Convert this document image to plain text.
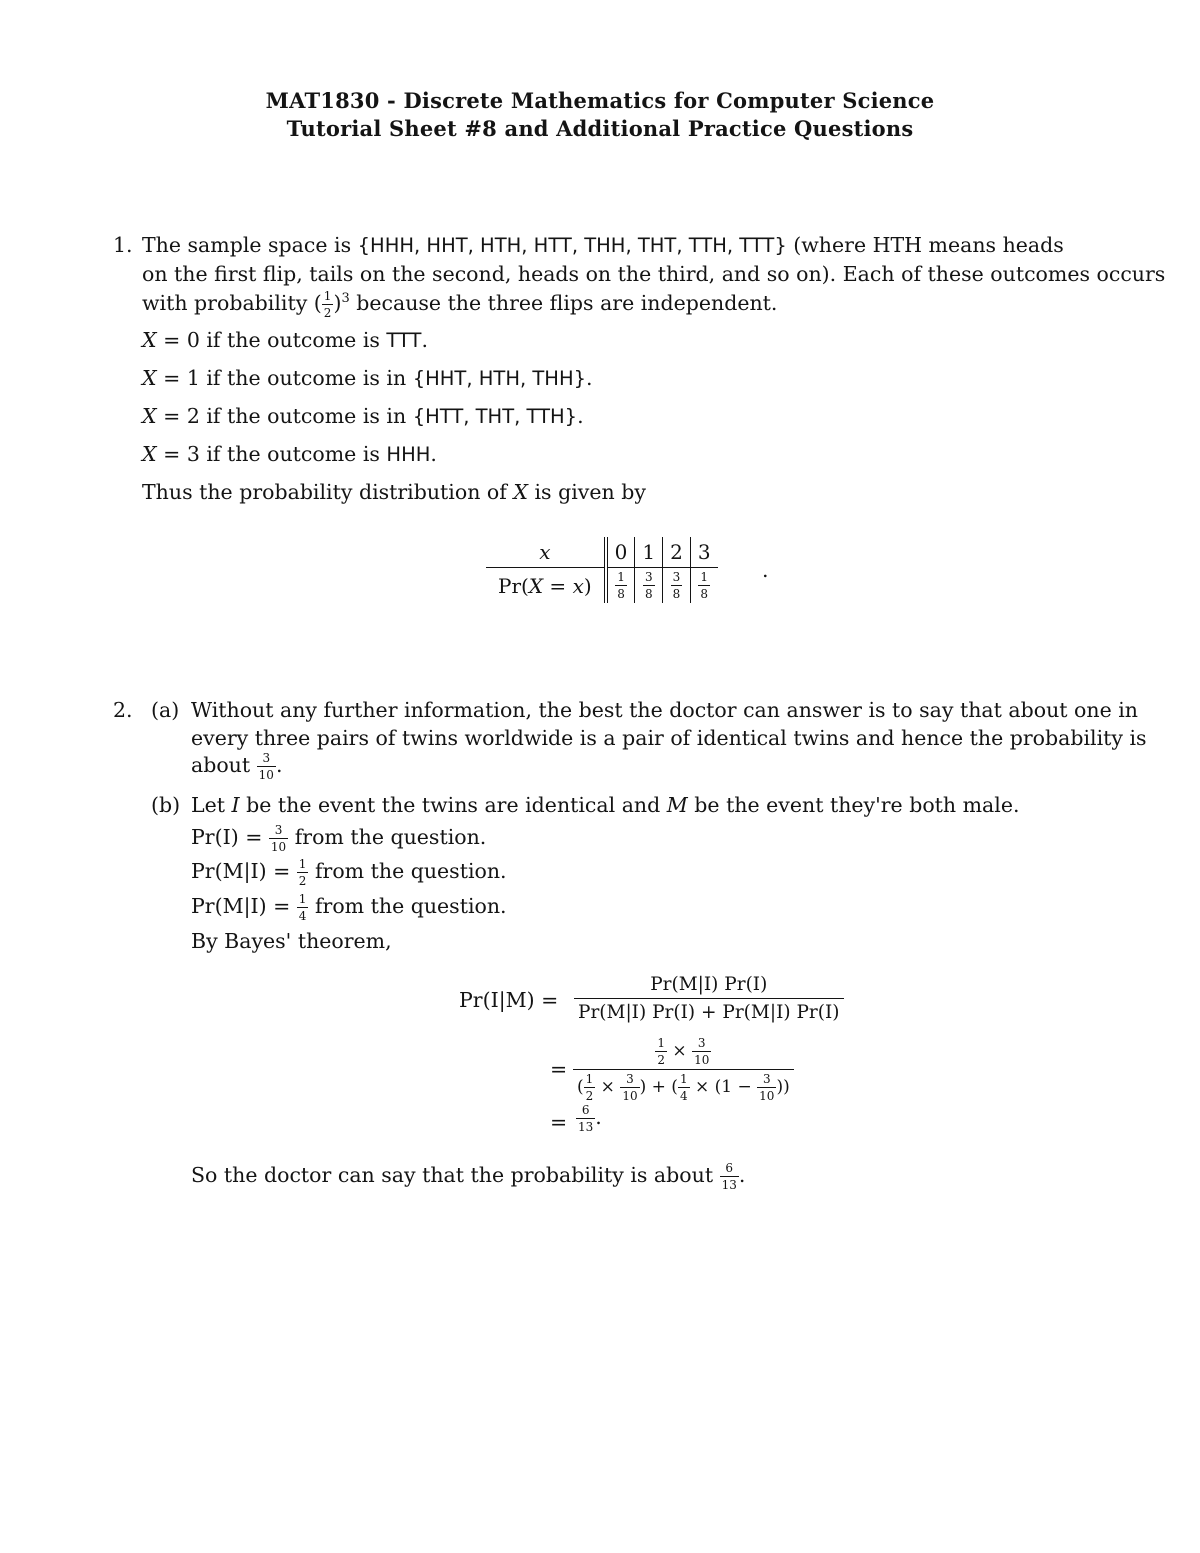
MAT1830 - Discrete Mathematics for Computer Science
Tutorial Sheet #8 and Additional Practice Questions
1. The sample space is {HHH, HHT, HTH, HTT, THH, THT, TTH, TTT} (where HTH means heads
on the first flip, tails on the second, heads on the third, and so on). Each of these outcomes occurs
with probability ( $\frac{1}{2} )^3$ because the three flips are independent.
X = 0 if the outcome is TTT.
X = 1 if the outcome is in {HHT, HTH, THH}.
X = 2 if the outcome is in {HTT, THT, TTH}.
X = 3 if the outcome is HHH.
Thus the probability distribution of X is given by
x	0	1	2	3
Pr(X = x)	$\frac{1}{8}$	$\frac{3}{8}$	$\frac{3}{8}$	$\frac{1}{8}$
.
2. (a) Without any further information, the best the doctor can answer is to say that about one in
every three pairs of twins worldwide is a pair of identical twins and hence the probability is
about $\frac{3}{10}$ .
(b) Let I be the event the twins are identical and M be the event they're both male.
$Pr(I) = \frac{3}{10}$ from the question.
$Pr(M|I) = \frac{1}{2}$ from the question.
$Pr(M|I) = \frac{1}{4}$ from the question.
By Bayes' theorem,
$Pr(I|M) = \frac{Pr(M|I) Pr(I)}{Pr(M|I) Pr(I) + Pr(M|I) Pr(I)}$
= $\frac{\frac{1}{2} \times \frac{3}{10}}{( \frac{1}{2} \times \frac{3}{10} ) + ( \frac{1}{4} \times (1 - \frac{3}{10} ))}$
= $\frac{6}{13}$ .
So the doctor can say that the probability is about $\frac{6}{13}$ .
